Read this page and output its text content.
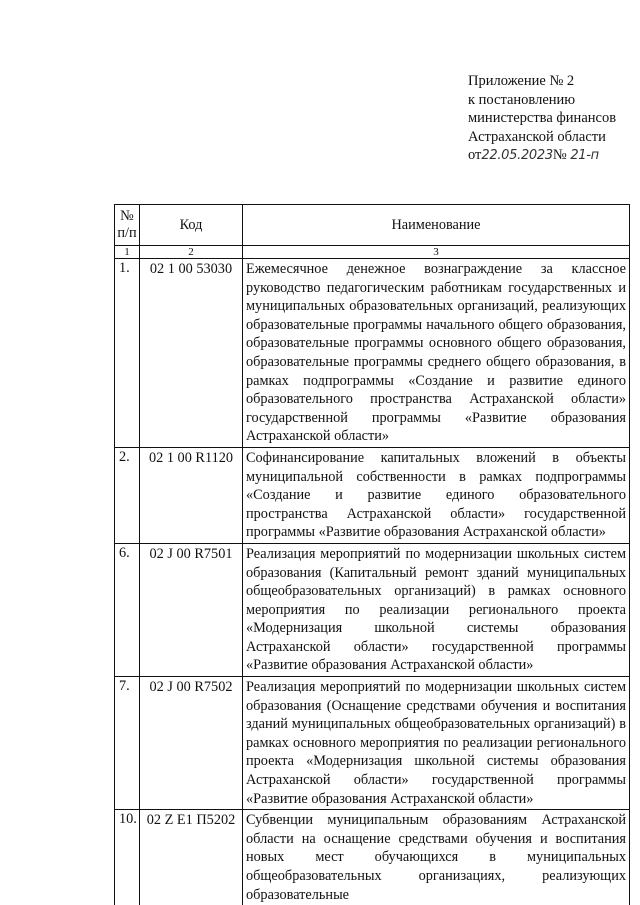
Приложение № 2
к постановлению
министерства финансов
Астраханской области
от22.05.2023№ 21-п
№ п/п	Код	Наименование
1	2	3
1.	02 1 00 53030	Ежемесячное денежное вознаграждение за классное руководство педагогическим работникам государственных и муниципальных образовательных организаций, реализующих образовательные программы начального общего образования, образовательные программы основного общего образования, образовательные программы среднего общего образования, в рамках подпрограммы «Создание и развитие единого образовательного пространства Астраханской области» государственной программы «Развитие образования Астраханской области»
2.	02 1 00 R1120	Софинансирование капитальных вложений в объекты муниципальной собственности в рамках подпрограммы «Создание и развитие единого образовательного пространства Астраханской области» государственной программы «Развитие образования Астраханской области»
6.	02 J 00 R7501	Реализация мероприятий по модернизации школьных систем образования (Капитальный ремонт зданий муниципальных общеобразовательных организаций) в рамках основного мероприятия по реализации регионального проекта «Модернизация школьной системы образования Астраханской области» государственной программы «Развитие образования Астраханской области»
7.	02 J 00 R7502	Реализация мероприятий по модернизации школьных систем образования (Оснащение средствами обучения и воспитания зданий муниципальных общеобразовательных организаций) в рамках основного мероприятия по реализации регионального проекта «Модернизация школьной системы образования Астраханской области» государственной программы «Развитие образования Астраханской области»
10.	02 Z E1 П5202	Субвенции муниципальным образованиям Астраханской области на оснащение средствами обучения и воспитания новых мест обучающихся в муниципальных общеобразовательных организациях, реализующих образовательные
